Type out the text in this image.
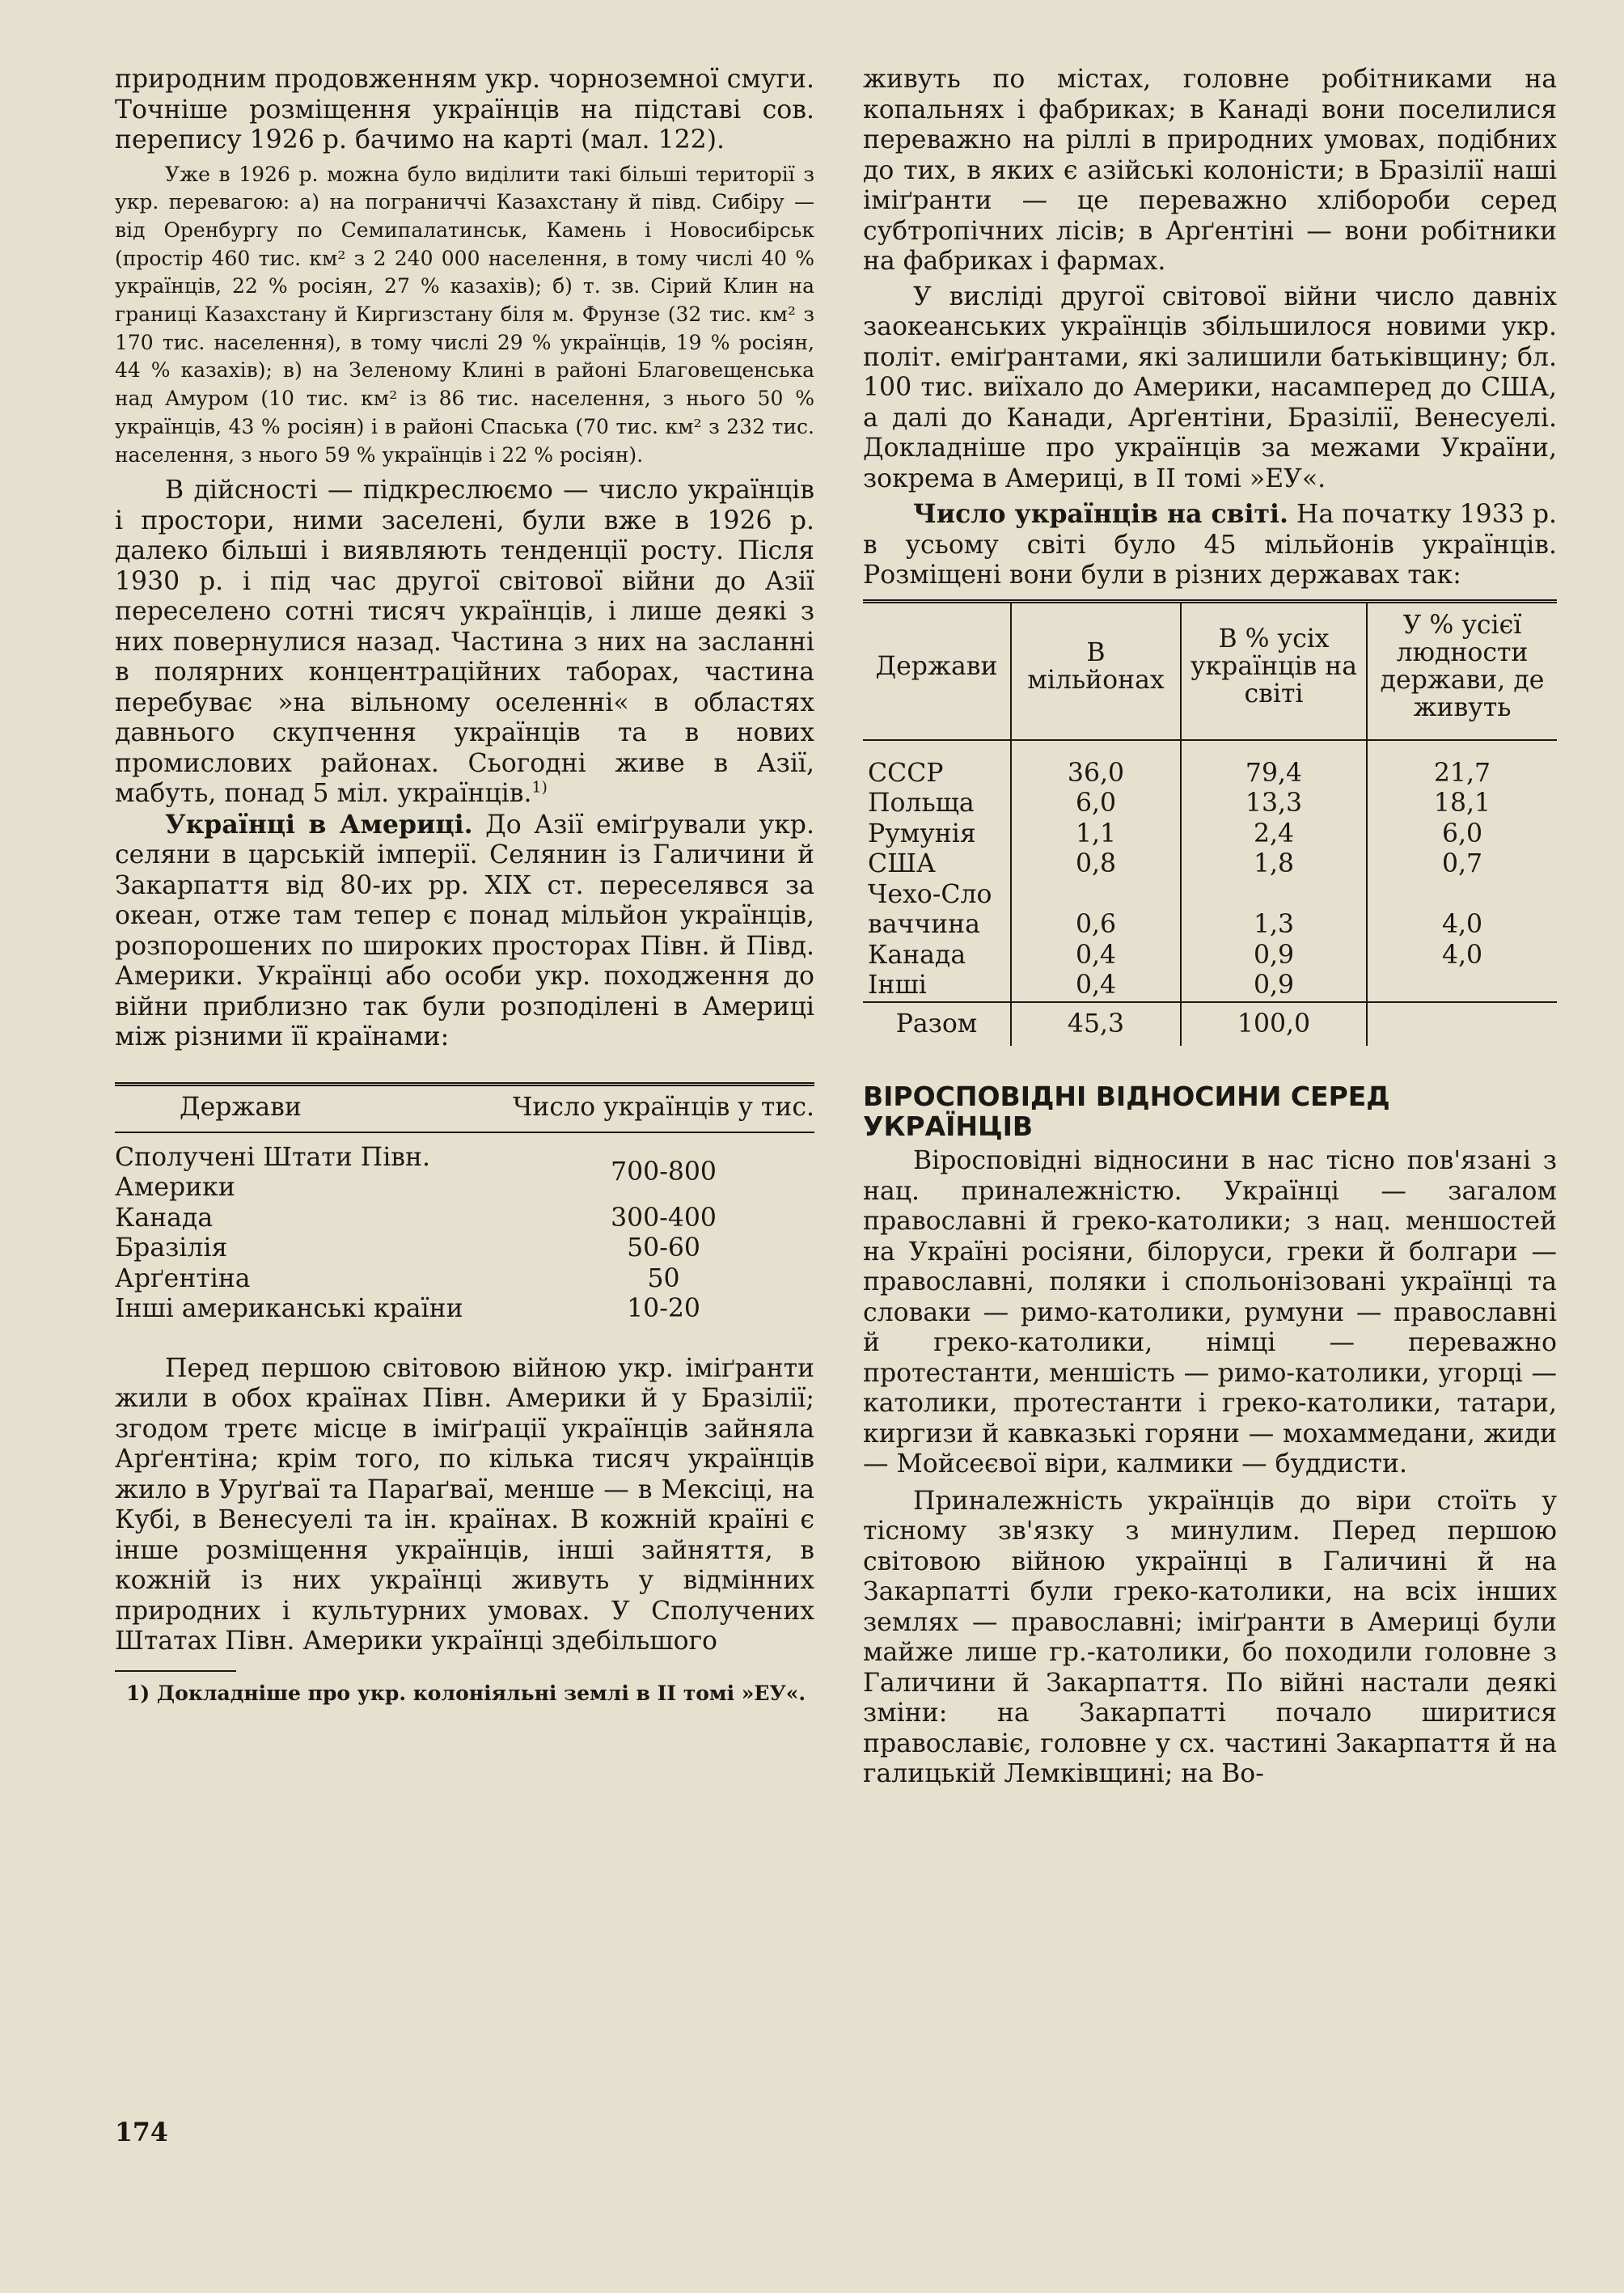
природним продовженням укр. чорноземної смуги. Точніше розміщення українців на підставі сов. перепису 1926 р. бачимо на карті (мал. 122).

Уже в 1926 р. можна було виділити такі більші території з укр. перевагою: а) на пограниччі Казахстану й півд. Сибіру — від Оренбургу по Семипалатинськ, Камень і Новосибірськ (простір 460 тис. км² з 2 240 000 населення, в тому числі 40 % українців, 22 % росіян, 27 % казахів); б) т. зв. Сірий Клин на границі Казахстану й Киргизстану біля м. Фрунзе (32 тис. км² з 170 тис. населення), в тому числі 29 % українців, 19 % росіян, 44 % казахів); в) на Зеленому Клині в районі Благовещенська над Амуром (10 тис. км² із 86 тис. населення, з нього 50 % українців, 43 % росіян) і в районі Спаська (70 тис. км² з 232 тис. населення, з нього 59 % українців і 22 % росіян).

В дійсності — підкреслюємо — число українців і простори, ними заселені, були вже в 1926 р. далеко більші і виявляють тенденції росту. Після 1930 р. і під час другої світової війни до Азії переселено сотні тисяч українців, і лише деякі з них повернулися назад. Частина з них на засланні в полярних концентраційних таборах, частина перебуває »на вільному оселенні« в областях давнього скупчення українців та в нових промислових районах. Сьогодні живе в Азії, мабуть, понад 5 міл. українців.$^{1)}$

Українці в Америці. До Азії еміґрували укр. селяни в царській імперії. Селянин із Галичини й Закарпаття від 80-их рр. XIX ст. переселявся за океан, отже там тепер є понад мільйон українців, розпорошених по широких просторах Півн. й Півд. Америки. Українці або особи укр. походження до війни приблизно так були розподілені в Америці між різними її країнами:

Держави	Число українців у тис.

Сполучені Штати Півн. Америки	700-800
Канада	300-400
Бразілія	50-60
Арґентіна	50
Інші американські країни	10-20

Перед першою світовою війною укр. іміґранти жили в обох країнах Півн. Америки й у Бразілії; згодом третє місце в іміґрації українців зайняла Арґентіна; крім того, по кілька тисяч українців жило в Уруґваї та Параґваї, менше — в Мексіці, на Кубі, в Венесуелі та ін. країнах. В кожній країні є інше розміщення українців, інші зайняття, в кожній із них українці живуть у відмінних природних і культурних умовах. У Сполучених Штатах Півн. Америки українці здебільшого

1) Докладніше про укр. колоніяльні землі в II томі »ЕУ«.

174

живуть по містах, головне робітниками на копальнях і фабриках; в Канаді вони поселилися переважно на ріллі в природних умовах, подібних до тих, в яких є азійські колоністи; в Бразілії наші іміґранти — це переважно хлібороби серед субтропічних лісів; в Арґентіні — вони робітники на фабриках і фармах.

У висліді другої світової війни число давніх заокеанських українців збільшилося новими укр. політ. еміґрантами, які залишили батьківщину; бл. 100 тис. виїхало до Америки, насамперед до США, а далі до Канади, Арґентіни, Бразілії, Венесуелі. Докладніше про українців за межами України, зокрема в Америці, в II томі »ЕУ«.

Число українців на світі. На початку 1933 р. в усьому світі було 45 мільйонів українців. Розміщені вони були в різних державах так:

Держави	В мільйонах	В % усіх українців на світі	У % усієї людности держави, де живуть

СССР	36,0	79,4	21,7
Польща	6,0	13,3	18,1
Румунія	1,1	2,4	6,0
США	0,8	1,8	0,7
Чехо-Словаччина	0,6	1,3	4,0
Канада	0,4	0,9	4,0
Інші	0,4	0,9	
Разом	45,3	100,0	
ВІРОСПОВІДНІ ВІДНОСИНИ СЕРЕД УКРАЇНЦІВ

Віросповідні відносини в нас тісно пов'язані з нац. приналежністю. Українці — загалом православні й греко-католики; з нац. меншостей на Україні росіяни, білоруси, греки й болгари — православні, поляки і спольонізовані українці та словаки — римо-католики, румуни — православні й греко-католики, німці — переважно протестанти, меншість — римо-католики, угорці — католики, протестанти і греко-католики, татари, киргизи й кавказькі горяни — мохаммедани, жиди — Мойсеєвої віри, калмики — буддисти.

Приналежність українців до віри стоїть у тісному зв'язку з минулим. Перед першою світовою війною українці в Галичині й на Закарпатті були греко-католики, на всіх інших землях — православні; іміґранти в Америці були майже лише гр.-католики, бо походили головне з Галичини й Закарпаття. По війні настали деякі зміни: на Закарпатті почало ширитися православіє, головне у сх. частині Закарпаття й на галицькій Лемківщині; на Во-
